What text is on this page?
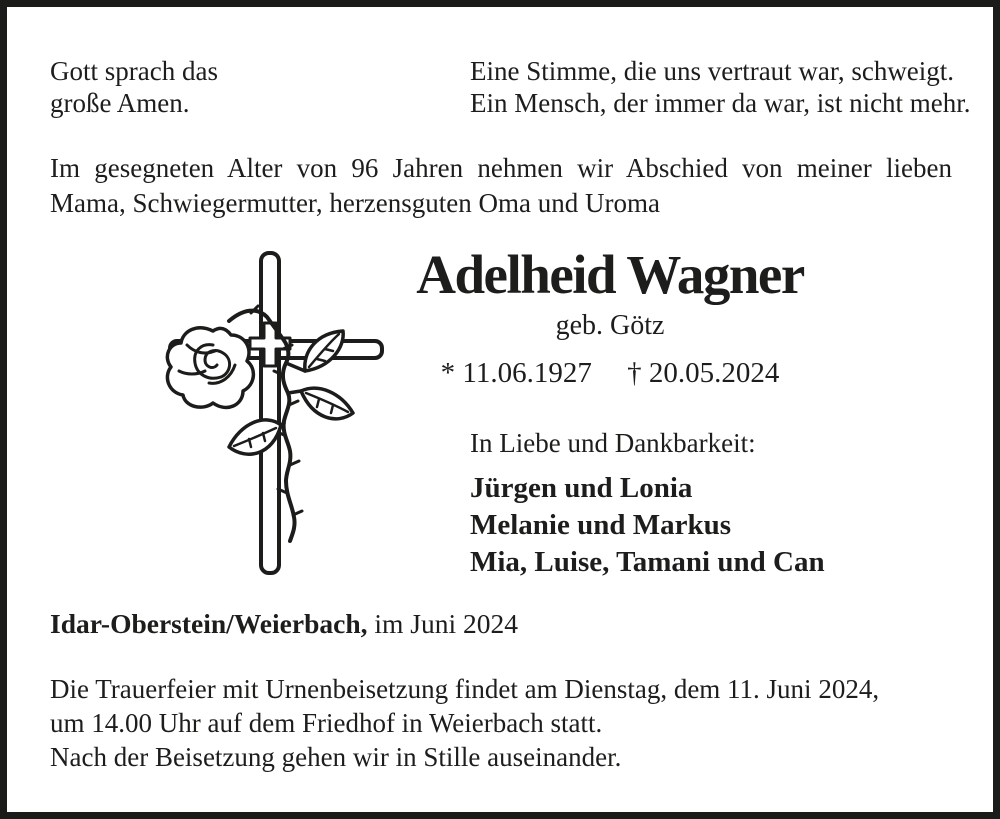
Gott sprach das
große Amen.
Eine Stimme, die uns vertraut war, schweigt.
Ein Mensch, der immer da war, ist nicht mehr.
Im gesegneten Alter von 96 Jahren nehmen wir Abschied von meiner lieben
Mama, Schwiegermutter, herzensguten Oma und Uroma
Adelheid Wagner
geb. Götz
* 11.06.1927 † 20.05.2024
In Liebe und Dankbarkeit:
Jürgen und Lonia
Melanie und Markus
Mia, Luise, Tamani und Can
Idar-Oberstein/Weierbach, im Juni 2024
Die Trauerfeier mit Urnenbeisetzung findet am Dienstag, dem 11. Juni 2024,
um 14.00 Uhr auf dem Friedhof in Weierbach statt.
Nach der Beisetzung gehen wir in Stille auseinander.
